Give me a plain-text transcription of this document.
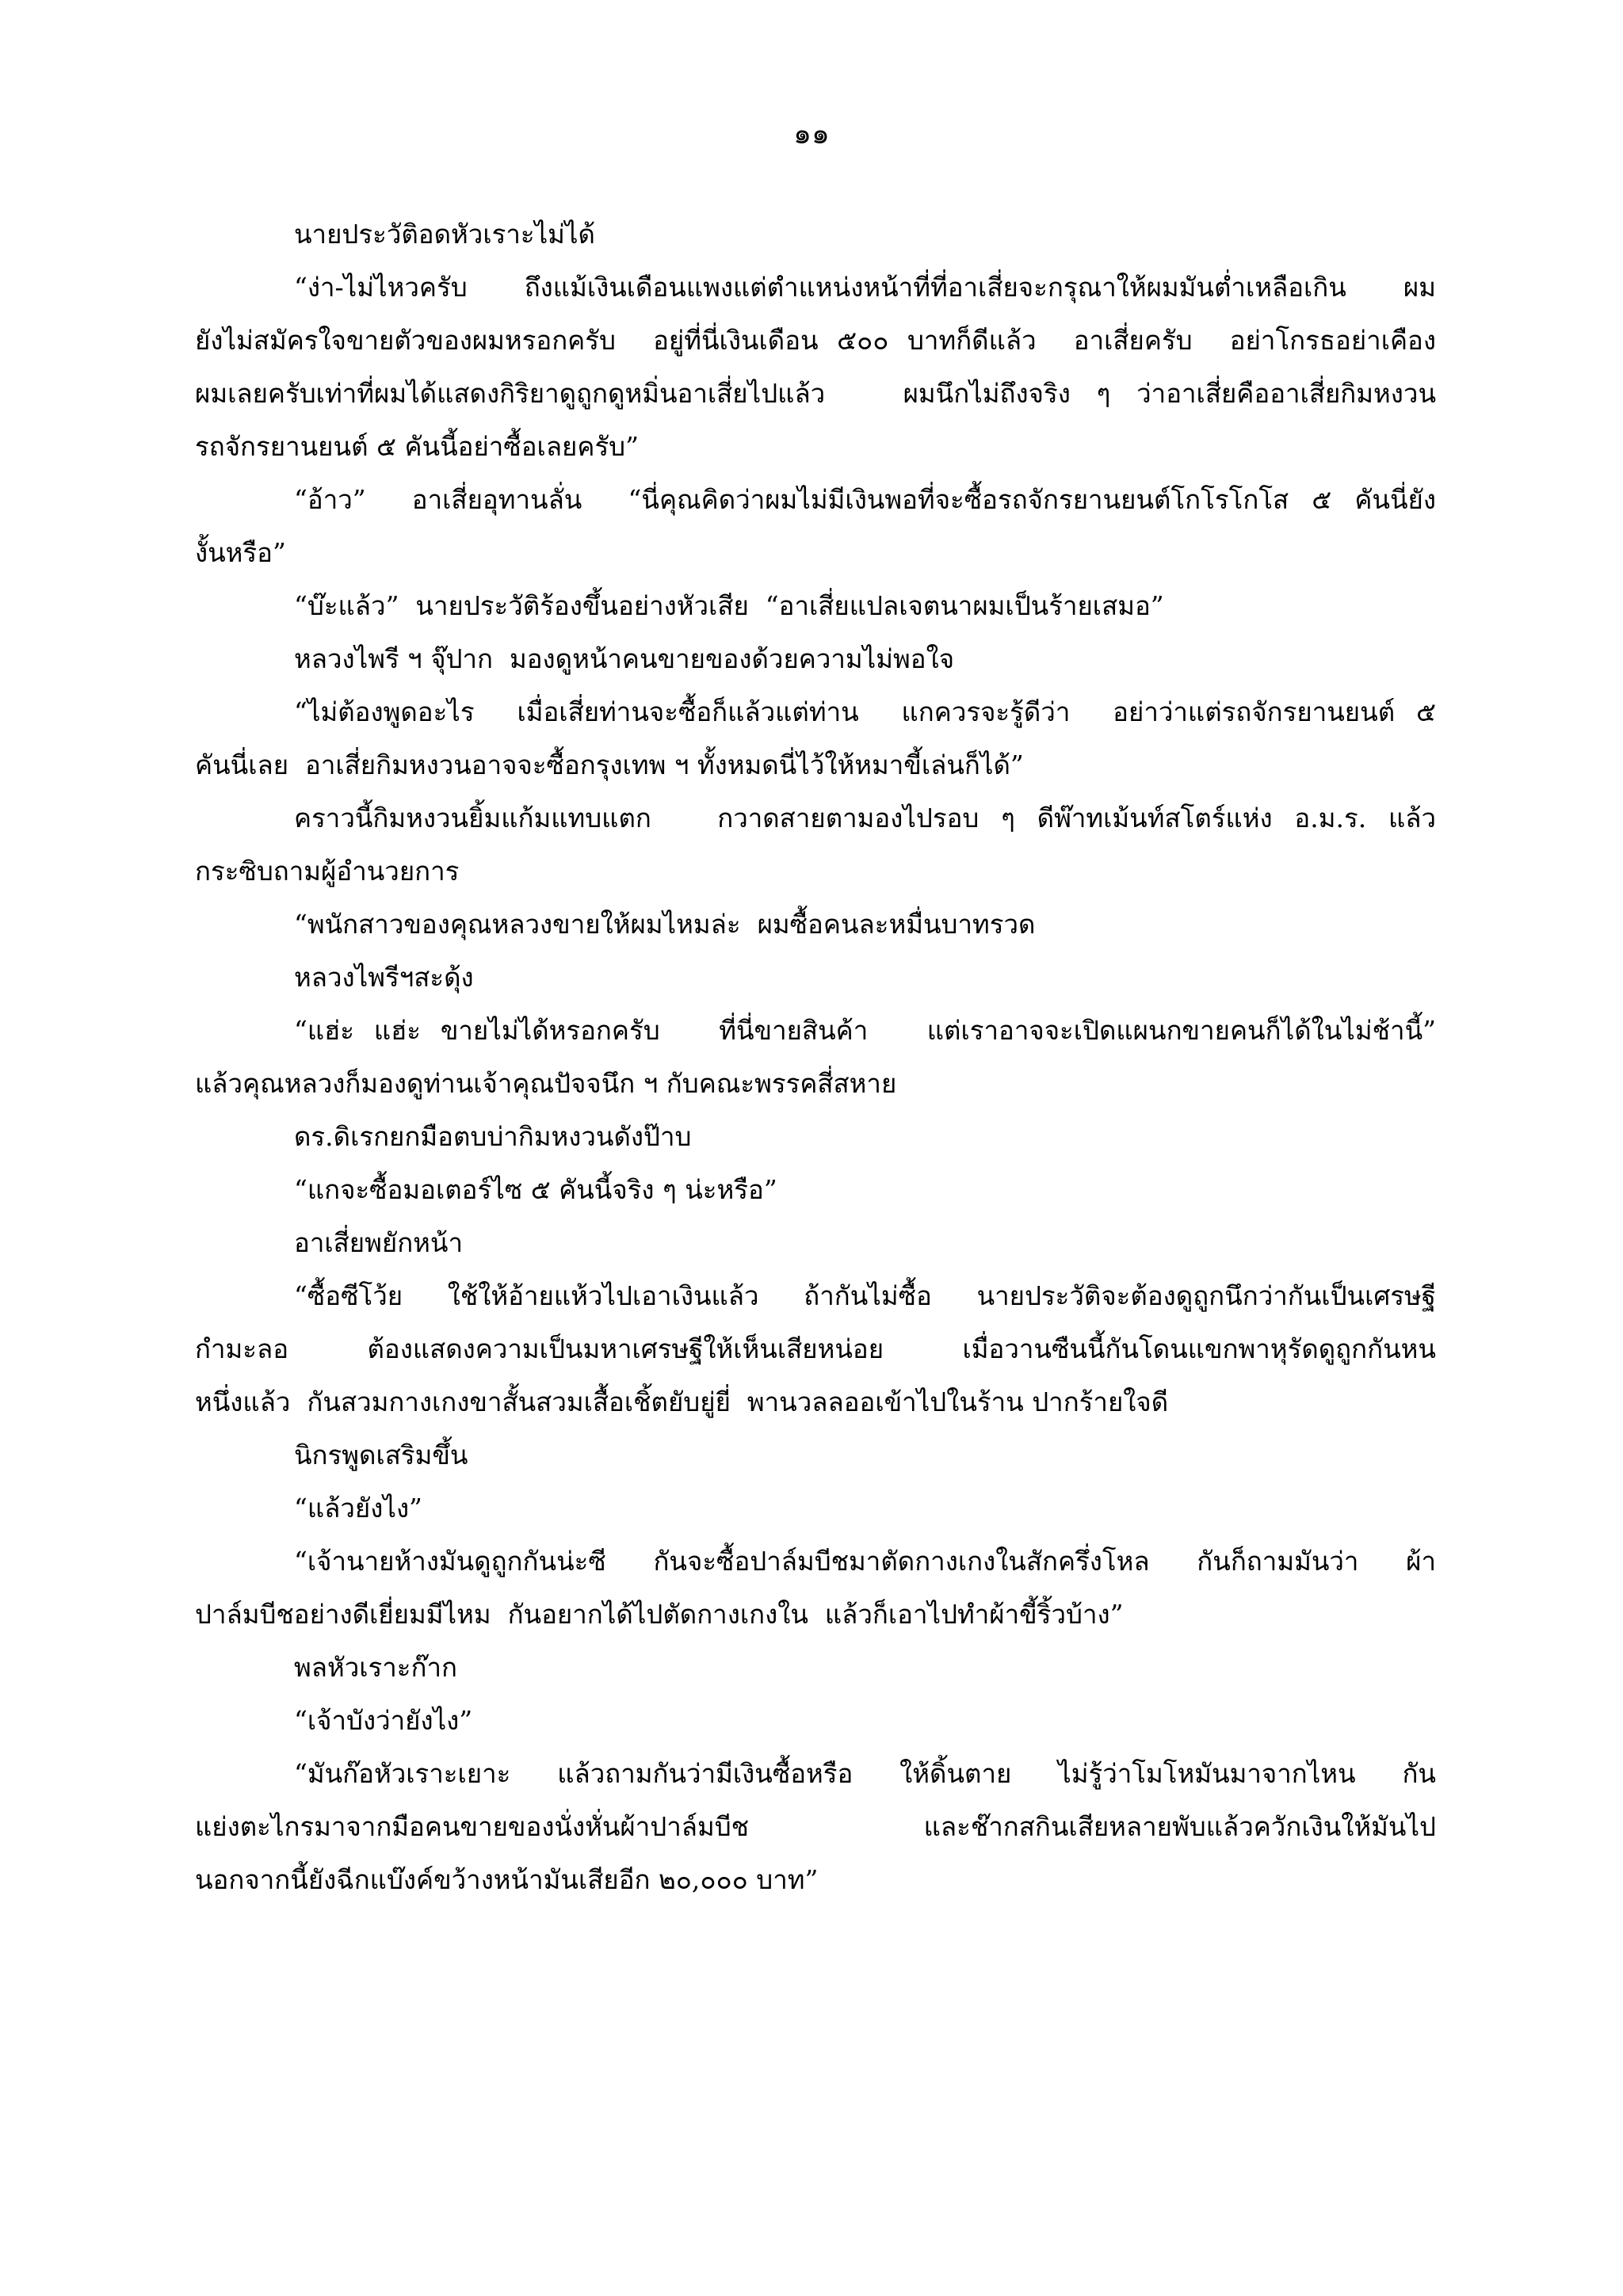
๑๑

นายประวัติอดหัวเราะไม่ได้

“ง่า-ไม่ไหวครับ  ถึงแม้เงินเดือนแพงแต่ตำแหน่งหน้าที่ที่อาเสี่ยจะกรุณาให้ผมมันต่ำเหลือเกิน  ผม
ยังไม่สมัครใจขายตัวของผมหรอกครับ  อยู่ที่นี่เงินเดือน ๕๐๐ บาทก็ดีแล้ว  อาเสี่ยครับ  อย่าโกรธอย่าเคือง
ผมเลยครับเท่าที่ผมได้แสดงกิริยาดูถูกดูหมิ่นอาเสี่ยไปแล้ว   ผมนึกไม่ถึงจริง ๆ ว่าอาเสี่ยคืออาเสี่ยกิมหงวน
รถจักรยานยนต์ ๕ คันนี้อย่าซื้อเลยครับ”

“อ้าว”  อาเสี่ยอุทานลั่น  “นี่คุณคิดว่าผมไม่มีเงินพอที่จะซื้อรถจักรยานยนต์โกโรโกโส ๕ คันนี่ยัง
งั้นหรือ”

“บ๊ะแล้ว”  นายประวัติร้องขึ้นอย่างหัวเสีย  “อาเสี่ยแปลเจตนาผมเป็นร้ายเสมอ”

หลวงไพรี ฯ จุ๊ปาก  มองดูหน้าคนขายของด้วยความไม่พอใจ

“ไม่ต้องพูดอะไร  เมื่อเสี่ยท่านจะซื้อก็แล้วแต่ท่าน  แกควรจะรู้ดีว่า  อย่าว่าแต่รถจักรยานยนต์ ๕
คันนี่เลย  อาเสี่ยกิมหงวนอาจจะซื้อกรุงเทพ ฯ ทั้งหมดนี่ไว้ให้หมาขี้เล่นก็ได้”

คราวนี้กิมหงวนยิ้มแก้มแทบแตก   กวาดสายตามองไปรอบ ๆ ดีพ๊าทเม้นท์สโตร์แห่ง อ.ม.ร. แล้ว
กระซิบถามผู้อำนวยการ

“พนักสาวของคุณหลวงขายให้ผมไหมล่ะ  ผมซื้อคนละหมื่นบาทรวด

หลวงไพรีฯสะดุ้ง

“แฮ่ะ แฮ่ะ ขายไม่ได้หรอกครับ   ที่นี่ขายสินค้า   แต่เราอาจจะเปิดแผนกขายคนก็ได้ในไม่ช้านี้”
แล้วคุณหลวงก็มองดูท่านเจ้าคุณปัจจนึก ฯ กับคณะพรรคสี่สหาย

ดร.ดิเรกยกมือตบบ่ากิมหงวนดังป๊าบ

“แกจะซื้อมอเตอร์ไซ ๕ คันนี้จริง ๆ น่ะหรือ”

อาเสี่ยพยักหน้า

“ซื้อซีโว้ย  ใช้ให้อ้ายแห้วไปเอาเงินแล้ว  ถ้ากันไม่ซื้อ  นายประวัติจะต้องดูถูกนึกว่ากันเป็นเศรษฐี
กำมะลอ   ต้องแสดงความเป็นมหาเศรษฐีให้เห็นเสียหน่อย   เมื่อวานซืนนี้กันโดนแขกพาหุรัดดูถูกกันหน
หนึ่งแล้ว  กันสวมกางเกงขาสั้นสวมเสื้อเชิ้ตยับยู่ยี่  พานวลลออเข้าไปในร้าน ปากร้ายใจดี

นิกรพูดเสริมขึ้น

“แล้วยังไง”

“เจ้านายห้างมันดูถูกกันน่ะซี   กันจะซื้อปาล์มบีชมาตัดกางเกงในสักครึ่งโหล   กันก็ถามมันว่า   ผ้า
ปาล์มบีชอย่างดีเยี่ยมมีไหม  กันอยากได้ไปตัดกางเกงใน  แล้วก็เอาไปทำผ้าขี้ริ้วบ้าง”

พลหัวเราะก๊าก

“เจ้าบังว่ายังไง”

“มันก๊อหัวเราะเยาะ   แล้วถามกันว่ามีเงินซื้อหรือ   ให้ดิ้นตาย   ไม่รู้ว่าโมโหมันมาจากไหน   กัน
แย่งตะไกรมาจากมือคนขายของนั่งหั่นผ้าปาล์มบีช            และช๊ากสกินเสียหลายพับแล้วควักเงินให้มันไป
นอกจากนี้ยังฉีกแบ๊งค์ขว้างหน้ามันเสียอีก ๒๐,๐๐๐ บาท”
